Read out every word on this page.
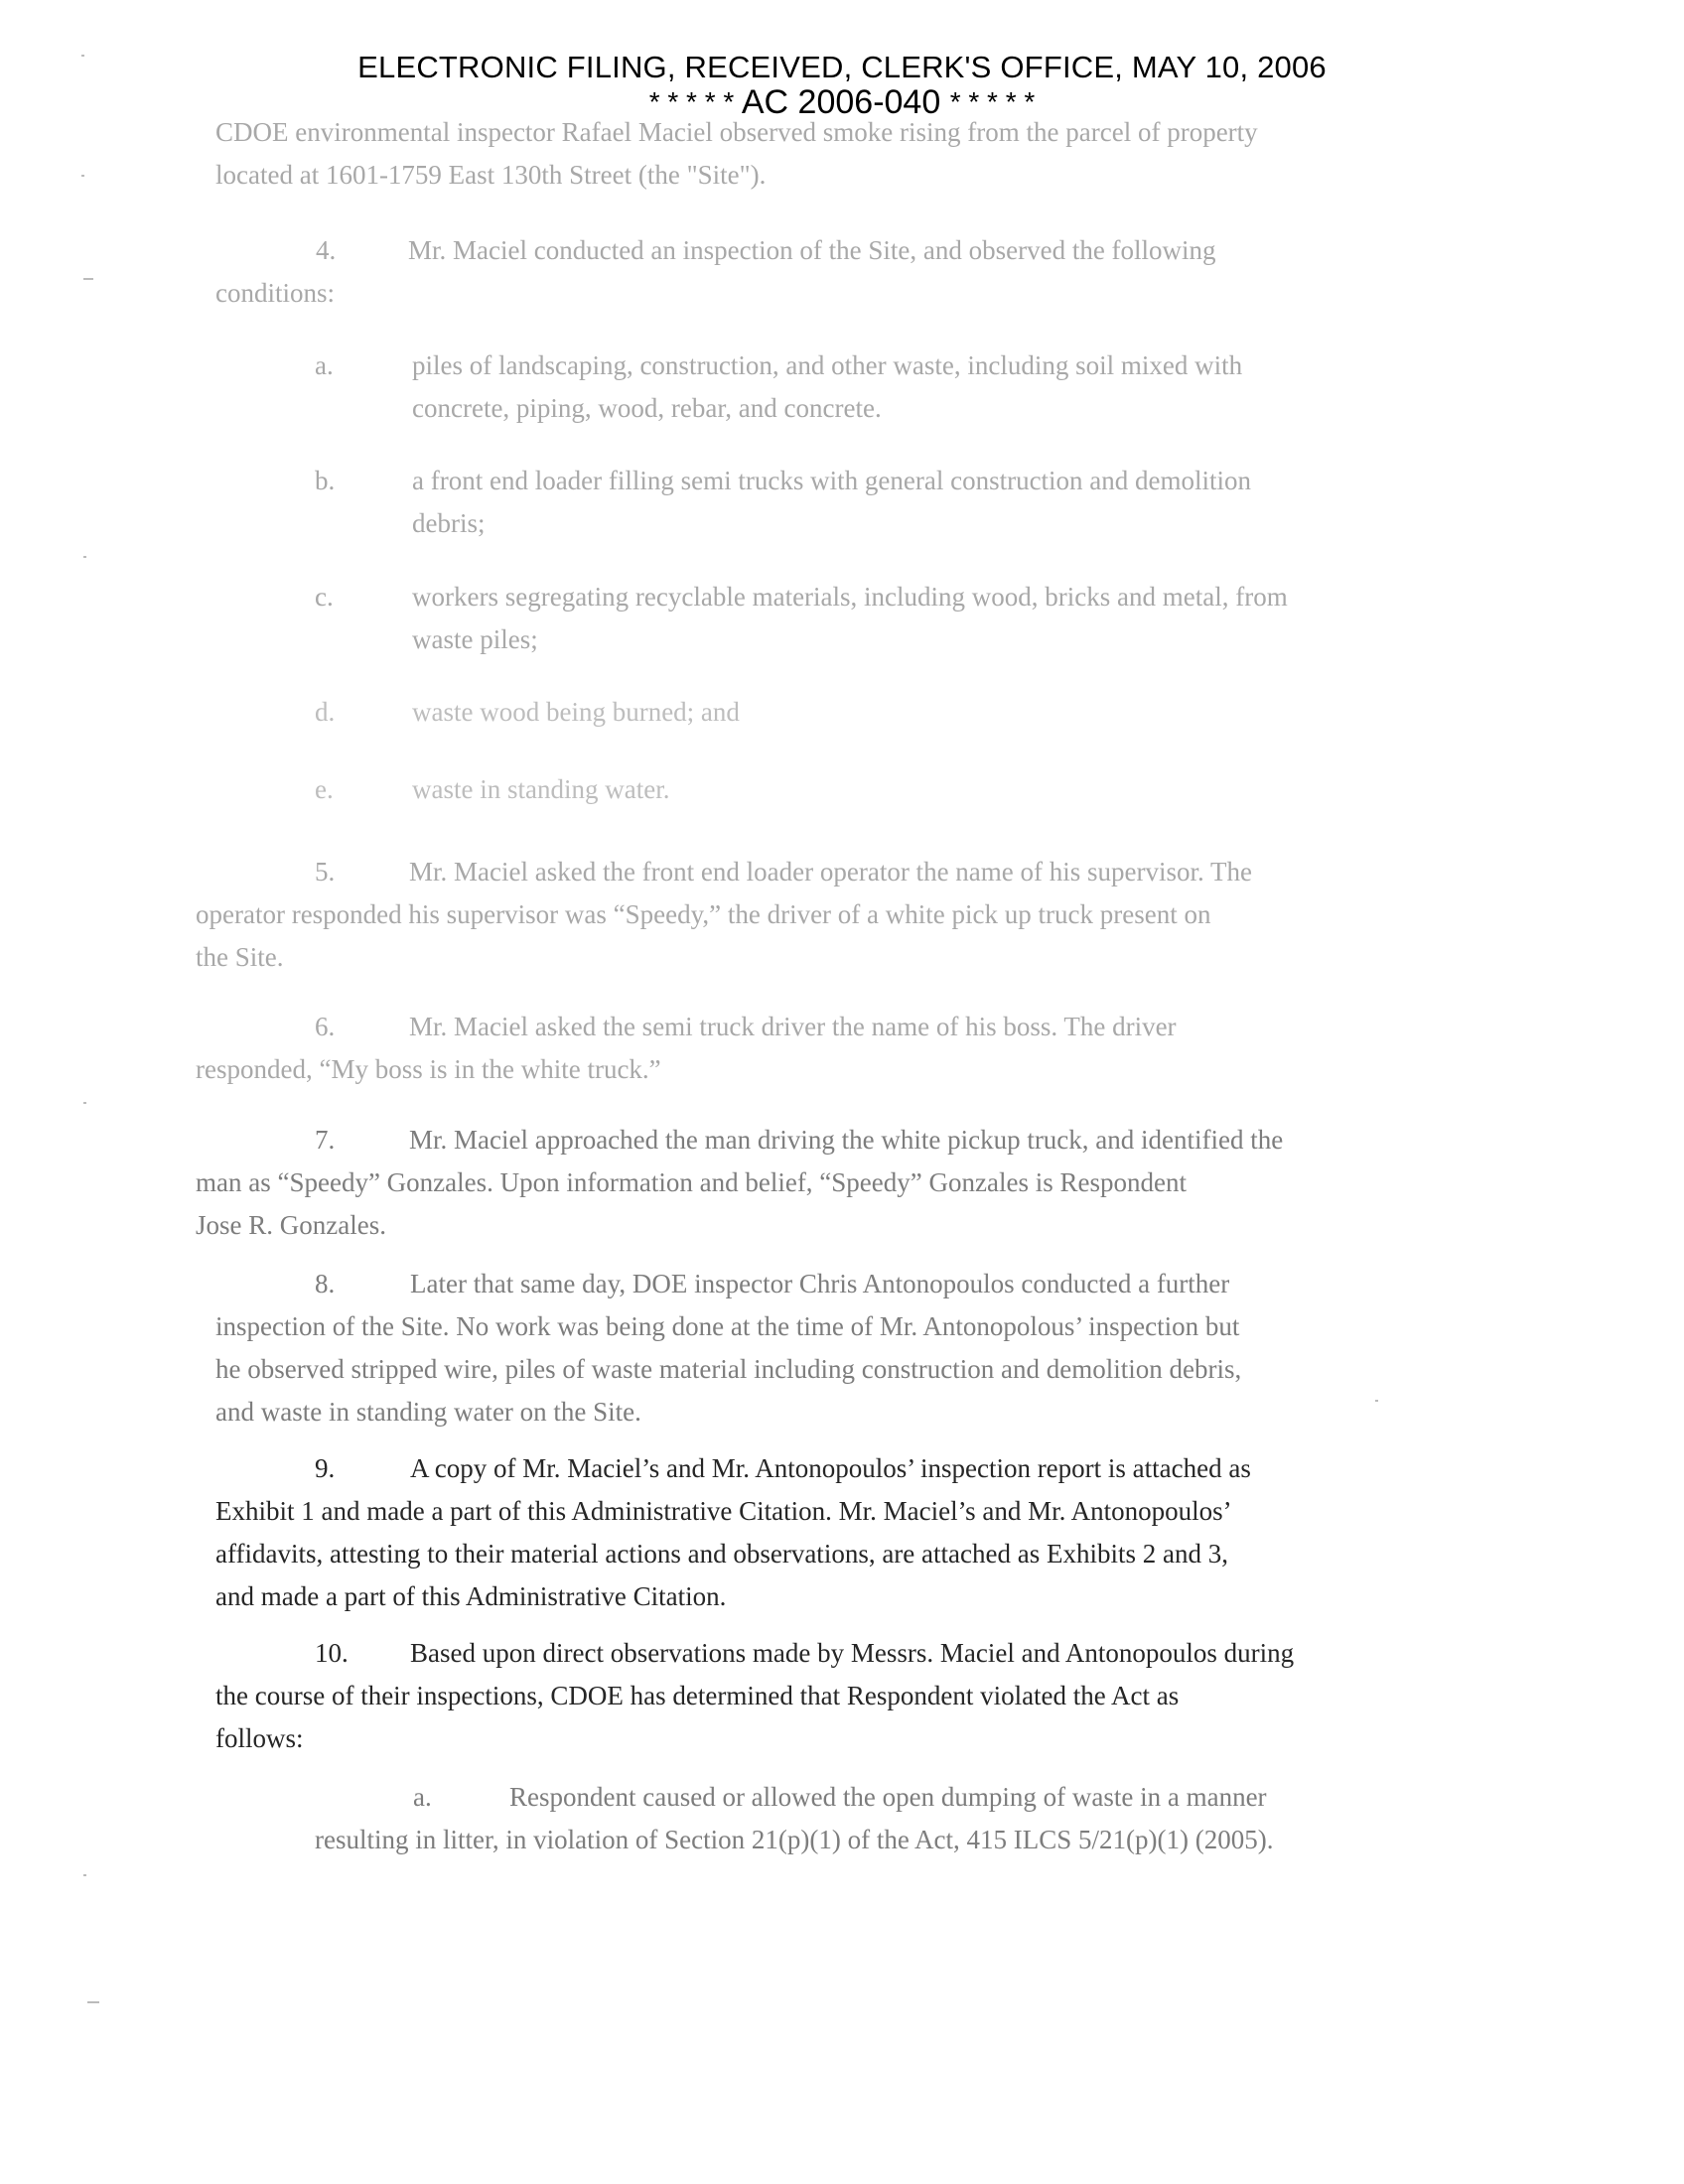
ELECTRONIC FILING, RECEIVED, CLERK'S OFFICE, MAY 10, 2006
* * * * * AC 2006-040 * * * * *
CDOE environmental inspector Rafael Maciel observed smoke rising from the parcel of property
located at 1601-1759 East 130th Street (the "Site").
4.	Mr. Maciel conducted an inspection of the Site, and observed the following
conditions:
a.	piles of landscaping, construction, and other waste, including soil mixed with
concrete, piping, wood, rebar, and concrete.
b.	a front end loader filling semi trucks with general construction and demolition
debris;
c.	workers segregating recyclable materials, including wood, bricks and metal, from
waste piles;
d.	waste wood being burned; and
e.	waste in standing water.
5.	Mr. Maciel asked the front end loader operator the name of his supervisor. The
operator responded his supervisor was “Speedy,” the driver of a white pick up truck present on
the Site.
6.	Mr. Maciel asked the semi truck driver the name of his boss. The driver
responded, “My boss is in the white truck.”
7.	Mr. Maciel approached the man driving the white pickup truck, and identified the
man as “Speedy” Gonzales. Upon information and belief, “Speedy” Gonzales is Respondent
Jose R. Gonzales.
8.	Later that same day, DOE inspector Chris Antonopoulos conducted a further
inspection of the Site. No work was being done at the time of Mr. Antonopolous’ inspection but
he observed stripped wire, piles of waste material including construction and demolition debris,
and waste in standing water on the Site.
9.	A copy of Mr. Maciel’s and Mr. Antonopoulos’ inspection report is attached as
Exhibit 1 and made a part of this Administrative Citation. Mr. Maciel’s and Mr. Antonopoulos’
affidavits, attesting to their material actions and observations, are attached as Exhibits 2 and 3,
and made a part of this Administrative Citation.
10. Based upon direct observations made by Messrs. Maciel and Antonopoulos during
the course of their inspections, CDOE has determined that Respondent violated the Act as
follows:
a.	Respondent caused or allowed the open dumping of waste in a manner
resulting in litter, in violation of Section 21(p)(1) of the Act, 415 ILCS 5/21(p)(1) (2005).
